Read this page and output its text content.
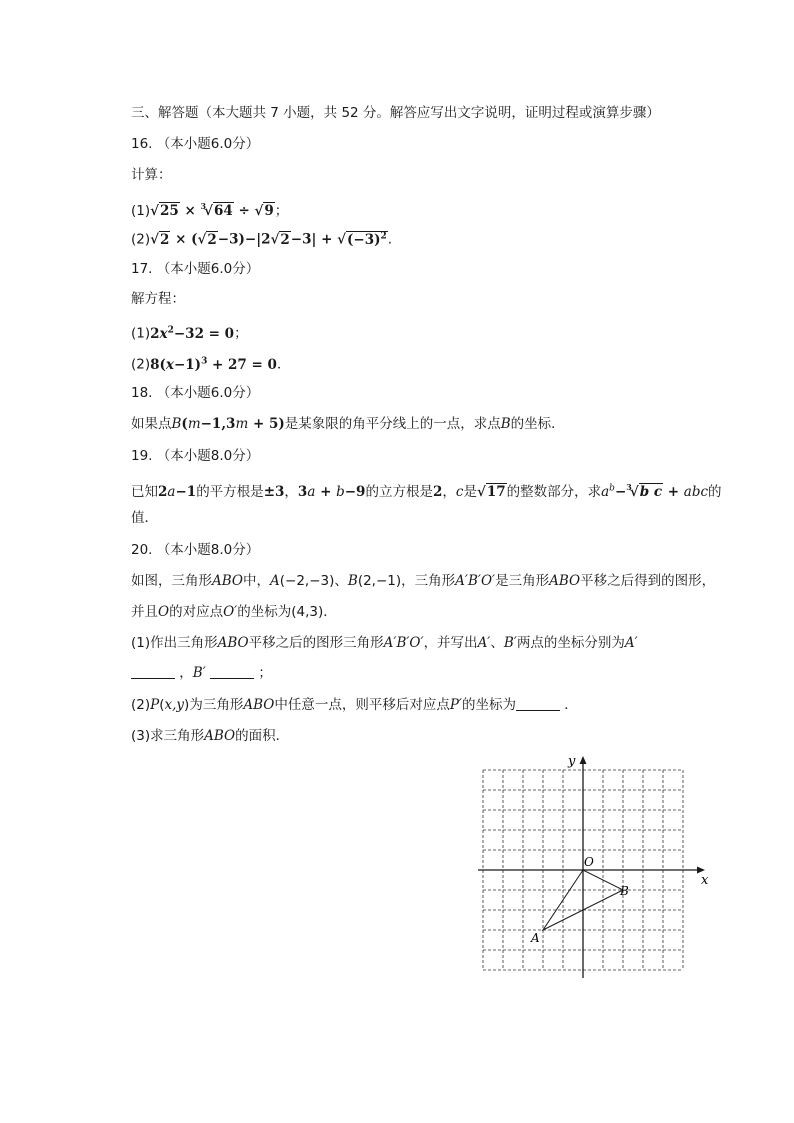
三、解答题（本大题共 7 小题，共 52 分。解答应写出文字说明，证明过程或演算步骤）
16. （本小题6.0分）
计算：
(1)√25 × $^3$√64 ÷ √9；
$(2)√2 \times (√2-3)-|2√2-3| + √(-3)^2$.
17. （本小题6.0分）
解方程：
$(1)2x^2-32 = 0$；
$(2)8(x-1)^3 + 27 = 0$．
18. （本小题6.0分）
如果点B(m−1,3m + 5)是某象限的角平分线上的一点，求点B的坐标．
19. （本小题8.0分）
已知2a−1的平方根是±3，3a + b−9的立方根是2，c是√17的整数部分，求$a^b-^3√b$ c + abc的
值．
20. （本小题8.0分）
如图，三角形ABO中，A(−2,−3)、B(2,−1)，三角形A′B′O′是三角形ABO平移之后得到的图形，
并且O的对应点O′的坐标为(4,3)．
(1)作出三角形ABO平移之后的图形三角形A′B′O′，并写出A′、B′两点的坐标分别为A′
，B′	；
(2)P(x,y)为三角形ABO中任意一点，则平移后对应点P′的坐标为	．
(3)求三角形ABO的面积．
x
y
O
A
B
